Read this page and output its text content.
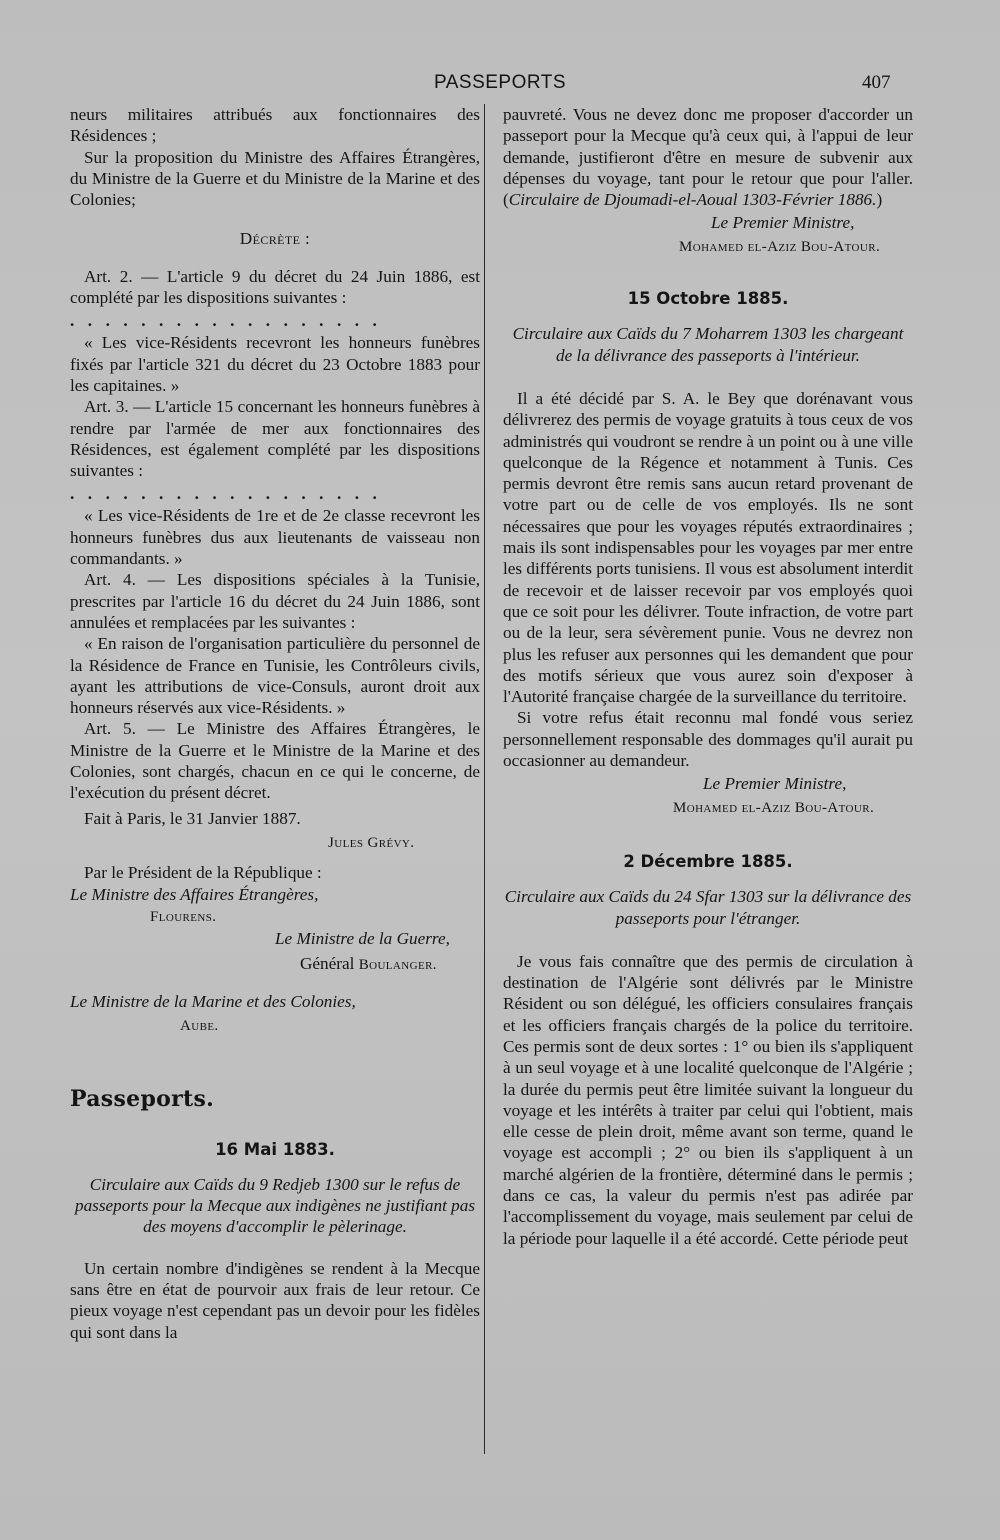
PASSEPORTS	407

neurs militaires attribués aux fonctionnaires des Résidences ;

Sur la proposition du Ministre des Affaires Étrangères, du Ministre de la Guerre et du Ministre de la Marine et des Colonies;

Décrète :

Art. 2. — L'article 9 du décret du 24 Juin 1886, est complété par les dispositions suivantes :

..................

« Les vice-Résidents recevront les honneurs funèbres fixés par l'article 321 du décret du 23 Octobre 1883 pour les capitaines. »

Art. 3. — L'article 15 concernant les honneurs funèbres à rendre par l'armée de mer aux fonctionnaires des Résidences, est également complété par les dispositions suivantes :

..................

« Les vice-Résidents de 1re et de 2e classe recevront les honneurs funèbres dus aux lieutenants de vaisseau non commandants. »

Art. 4. — Les dispositions spéciales à la Tunisie, prescrites par l'article 16 du décret du 24 Juin 1886, sont annulées et remplacées par les suivantes :

« En raison de l'organisation particulière du personnel de la Résidence de France en Tunisie, les Contrôleurs civils, ayant les attributions de vice-Consuls, auront droit aux honneurs réservés aux vice-Résidents. »

Art. 5. — Le Ministre des Affaires Étrangères, le Ministre de la Guerre et le Ministre de la Marine et des Colonies, sont chargés, chacun en ce qui le concerne, de l'exécution du présent décret.

Fait à Paris, le 31 Janvier 1887.

Jules Grévy.

Par le Président de la République :

Le Ministre des Affaires Étrangères,

Flourens.

Le Ministre de la Guerre,

Général Boulanger.

Le Ministre de la Marine et des Colonies,

Aube.

Passeports.

16 Mai 1883.

Circulaire aux Caïds du 9 Redjeb 1300 sur le refus de passeports pour la Mecque aux indigènes ne justifiant pas des moyens d'accomplir le pèlerinage.

Un certain nombre d'indigènes se rendent à la Mecque sans être en état de pourvoir aux frais de leur retour. Ce pieux voyage n'est cependant pas un devoir pour les fidèles qui sont dans la

pauvreté. Vous ne devez donc me proposer d'accorder un passeport pour la Mecque qu'à ceux qui, à l'appui de leur demande, justifieront d'être en mesure de subvenir aux dépenses du voyage, tant pour le retour que pour l'aller. (Circulaire de Djoumadi-el-Aoual 1303-Février 1886.)

Le Premier Ministre,

Mohamed el-Aziz Bou-Atour.

15 Octobre 1885.

Circulaire aux Caïds du 7 Moharrem 1303 les chargeant de la délivrance des passeports à l'intérieur.

Il a été décidé par S. A. le Bey que dorénavant vous délivrerez des permis de voyage gratuits à tous ceux de vos administrés qui voudront se rendre à un point ou à une ville quelconque de la Régence et notamment à Tunis. Ces permis devront être remis sans aucun retard provenant de votre part ou de celle de vos employés. Ils ne sont nécessaires que pour les voyages réputés extraordinaires ; mais ils sont indispensables pour les voyages par mer entre les différents ports tunisiens. Il vous est absolument interdit de recevoir et de laisser recevoir par vos employés quoi que ce soit pour les délivrer. Toute infraction, de votre part ou de la leur, sera sévèrement punie. Vous ne devrez non plus les refuser aux personnes qui les demandent que pour des motifs sérieux que vous aurez soin d'exposer à l'Autorité française chargée de la surveillance du territoire.

Si votre refus était reconnu mal fondé vous seriez personnellement responsable des dommages qu'il aurait pu occasionner au demandeur.

Le Premier Ministre,

Mohamed el-Aziz Bou-Atour.

2 Décembre 1885.

Circulaire aux Caïds du 24 Sfar 1303 sur la délivrance des passeports pour l'étranger.

Je vous fais connaître que des permis de circulation à destination de l'Algérie sont délivrés par le Ministre Résident ou son délégué, les officiers consulaires français et les officiers français chargés de la police du territoire. Ces permis sont de deux sortes : 1° ou bien ils s'appliquent à un seul voyage et à une localité quelconque de l'Algérie ; la durée du permis peut être limitée suivant la longueur du voyage et les intérêts à traiter par celui qui l'obtient, mais elle cesse de plein droit, même avant son terme, quand le voyage est accompli ; 2° ou bien ils s'appliquent à un marché algérien de la frontière, déterminé dans le permis ; dans ce cas, la valeur du permis n'est pas adirée par l'accomplissement du voyage, mais seulement par celui de la période pour laquelle il a été accordé. Cette période peut
